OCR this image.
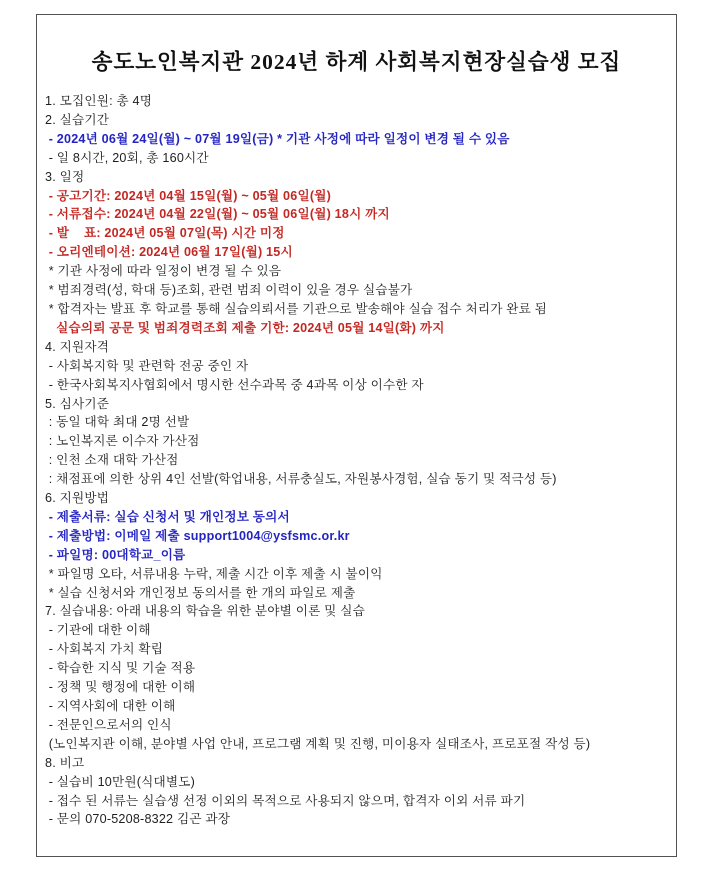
송도노인복지관 2024년 하계 사회복지현장실습생 모집
1. 모집인원: 총 4명
2. 실습기간
- 2024년 06월 24일(월) ~ 07월 19일(금) * 기관 사정에 따라 일정이 변경 될 수 있음
- 일 8시간, 20회, 총 160시간
3. 일정
- 공고기간: 2024년 04월 15일(월) ~ 05월 06일(월)
- 서류접수: 2024년 04월 22일(월) ~ 05월 06일(월) 18시 까지
- 발    표: 2024년 05월 07일(목) 시간 미정
- 오리엔테이션: 2024년 06월 17일(월) 15시
* 기관 사정에 따라 일정이 변경 될 수 있음
* 범죄경력(성, 학대 등)조회, 관련 범죄 이력이 있을 경우 실습불가
* 합격자는 발표 후 학교를 통해 실습의뢰서를 기관으로 발송해야 실습 접수 처리가 완료 됨
실습의뢰 공문 및 범죄경력조회 제출 기한: 2024년 05월 14일(화) 까지
4. 지원자격
- 사회복지학 및 관련학 전공 중인 자
- 한국사회복지사협회에서 명시한 선수과목 중 4과목 이상 이수한 자
5. 심사기준
: 동일 대학 최대 2명 선발
: 노인복지론 이수자 가산점
: 인천 소재 대학 가산점
: 채점표에 의한 상위 4인 선발(학업내용, 서류충실도, 자원봉사경험, 실습 동기 및 적극성 등)
6. 지원방법
- 제출서류: 실습 신청서 및 개인정보 동의서
- 제출방법: 이메일 제출 support1004@ysfsmc.or.kr
- 파일명: 00대학교_이름
* 파일명 오타, 서류내용 누락, 제출 시간 이후 제출 시 불이익
* 실습 신청서와 개인정보 동의서를 한 개의 파일로 제출
7. 실습내용: 아래 내용의 학습을 위한 분야별 이론 및 실습
- 기관에 대한 이해
- 사회복지 가치 확립
- 학습한 지식 및 기술 적용
- 정책 및 행정에 대한 이해
- 지역사회에 대한 이해
- 전문인으로서의 인식
(노인복지관 이해, 분야별 사업 안내, 프로그램 계획 및 진행, 미이용자 실태조사, 프로포절 작성 등)
8. 비고
- 실습비 10만원(식대별도)
- 접수 된 서류는 실습생 선정 이외의 목적으로 사용되지 않으며, 합격자 이외 서류 파기
- 문의 070-5208-8322 김곤 과장
